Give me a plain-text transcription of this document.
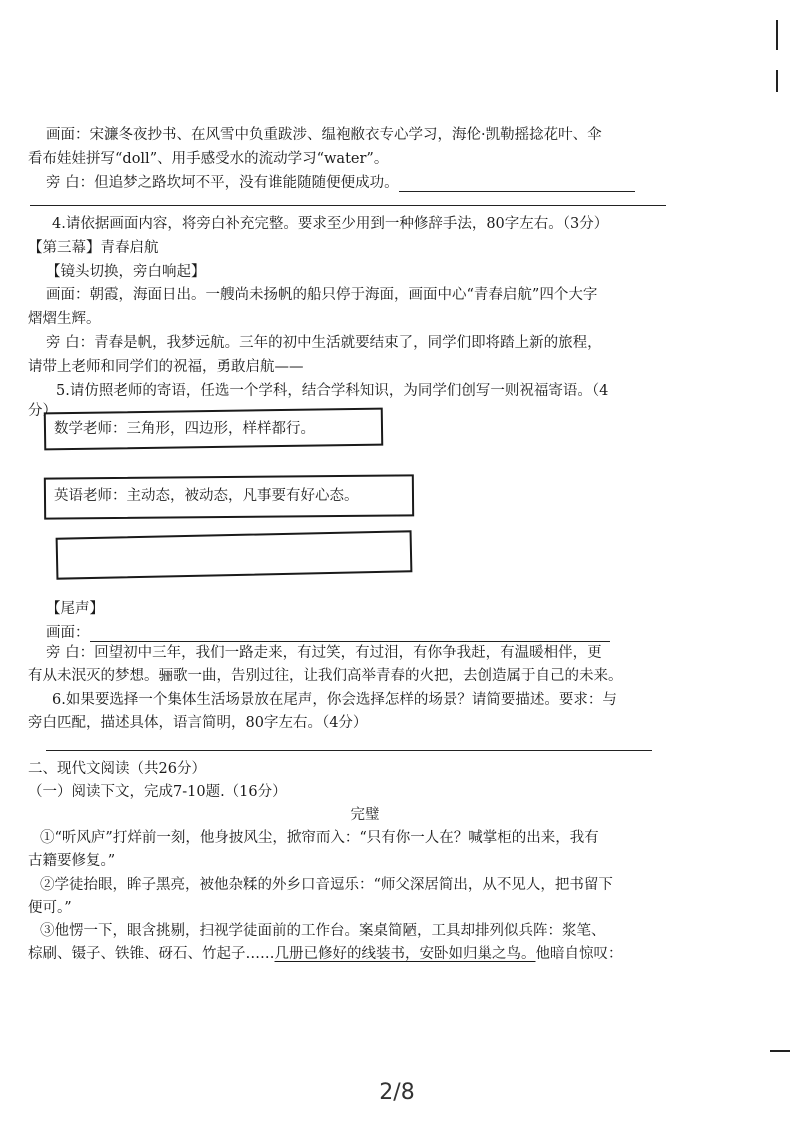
画面：宋濂冬夜抄书、在风雪中负重跋涉、缊袍敝衣专心学习，海伦·凯勒摇捻花叶、伞
看布娃娃拼写“doll”、用手感受水的流动学习“water”。
旁 白：但追梦之路坎坷不平，没有谁能随随便便成功。
4.请依据画面内容，将旁白补充完整。要求至少用到一种修辞手法，80字左右。（3分）
【第三幕】青春启航
【镜头切换，旁白响起】
画面：朝霞，海面日出。一艘尚未扬帆的船只停于海面，画面中心“青春启航”四个大字
熠熠生辉。
旁 白：青春是帆，我梦远航。三年的初中生活就要结束了，同学们即将踏上新的旅程，
请带上老师和同学们的祝福，勇敢启航——
5.请仿照老师的寄语，任选一个学科，结合学科知识，为同学们创写一则祝福寄语。（4
分）
数学老师：三角形，四边形，样样都行。
英语老师：主动态，被动态，凡事要有好心态。
【尾声】
画面：
旁 白：回望初中三年，我们一路走来，有过笑，有过泪，有你争我赶，有温暖相伴，更
有从未泯灭的梦想。骊歌一曲，告别过往，让我们高举青春的火把，去创造属于自己的未来。
6.如果要选择一个集体生活场景放在尾声，你会选择怎样的场景？请简要描述。要求：与
旁白匹配，描述具体，语言简明，80字左右。（4分）
二、现代文阅读（共26分）
（一）阅读下文，完成7-10题.（16分）
完璧
①“听风庐”打烊前一刻，他身披风尘，掀帘而入：“只有你一人在？喊掌柜的出来，我有
古籍要修复。”
②学徒抬眼，眸子黑亮，被他杂糅的外乡口音逗乐：“师父深居简出，从不见人，把书留下
便可。”
③他愣一下，眼含挑剔，扫视学徒面前的工作台。案桌简陋，工具却排列似兵阵：浆笔、
棕刷、镊子、铁锥、砑石、竹起子……几册已修好的线装书，安卧如归巢之鸟。他暗自惊叹：
2/8
